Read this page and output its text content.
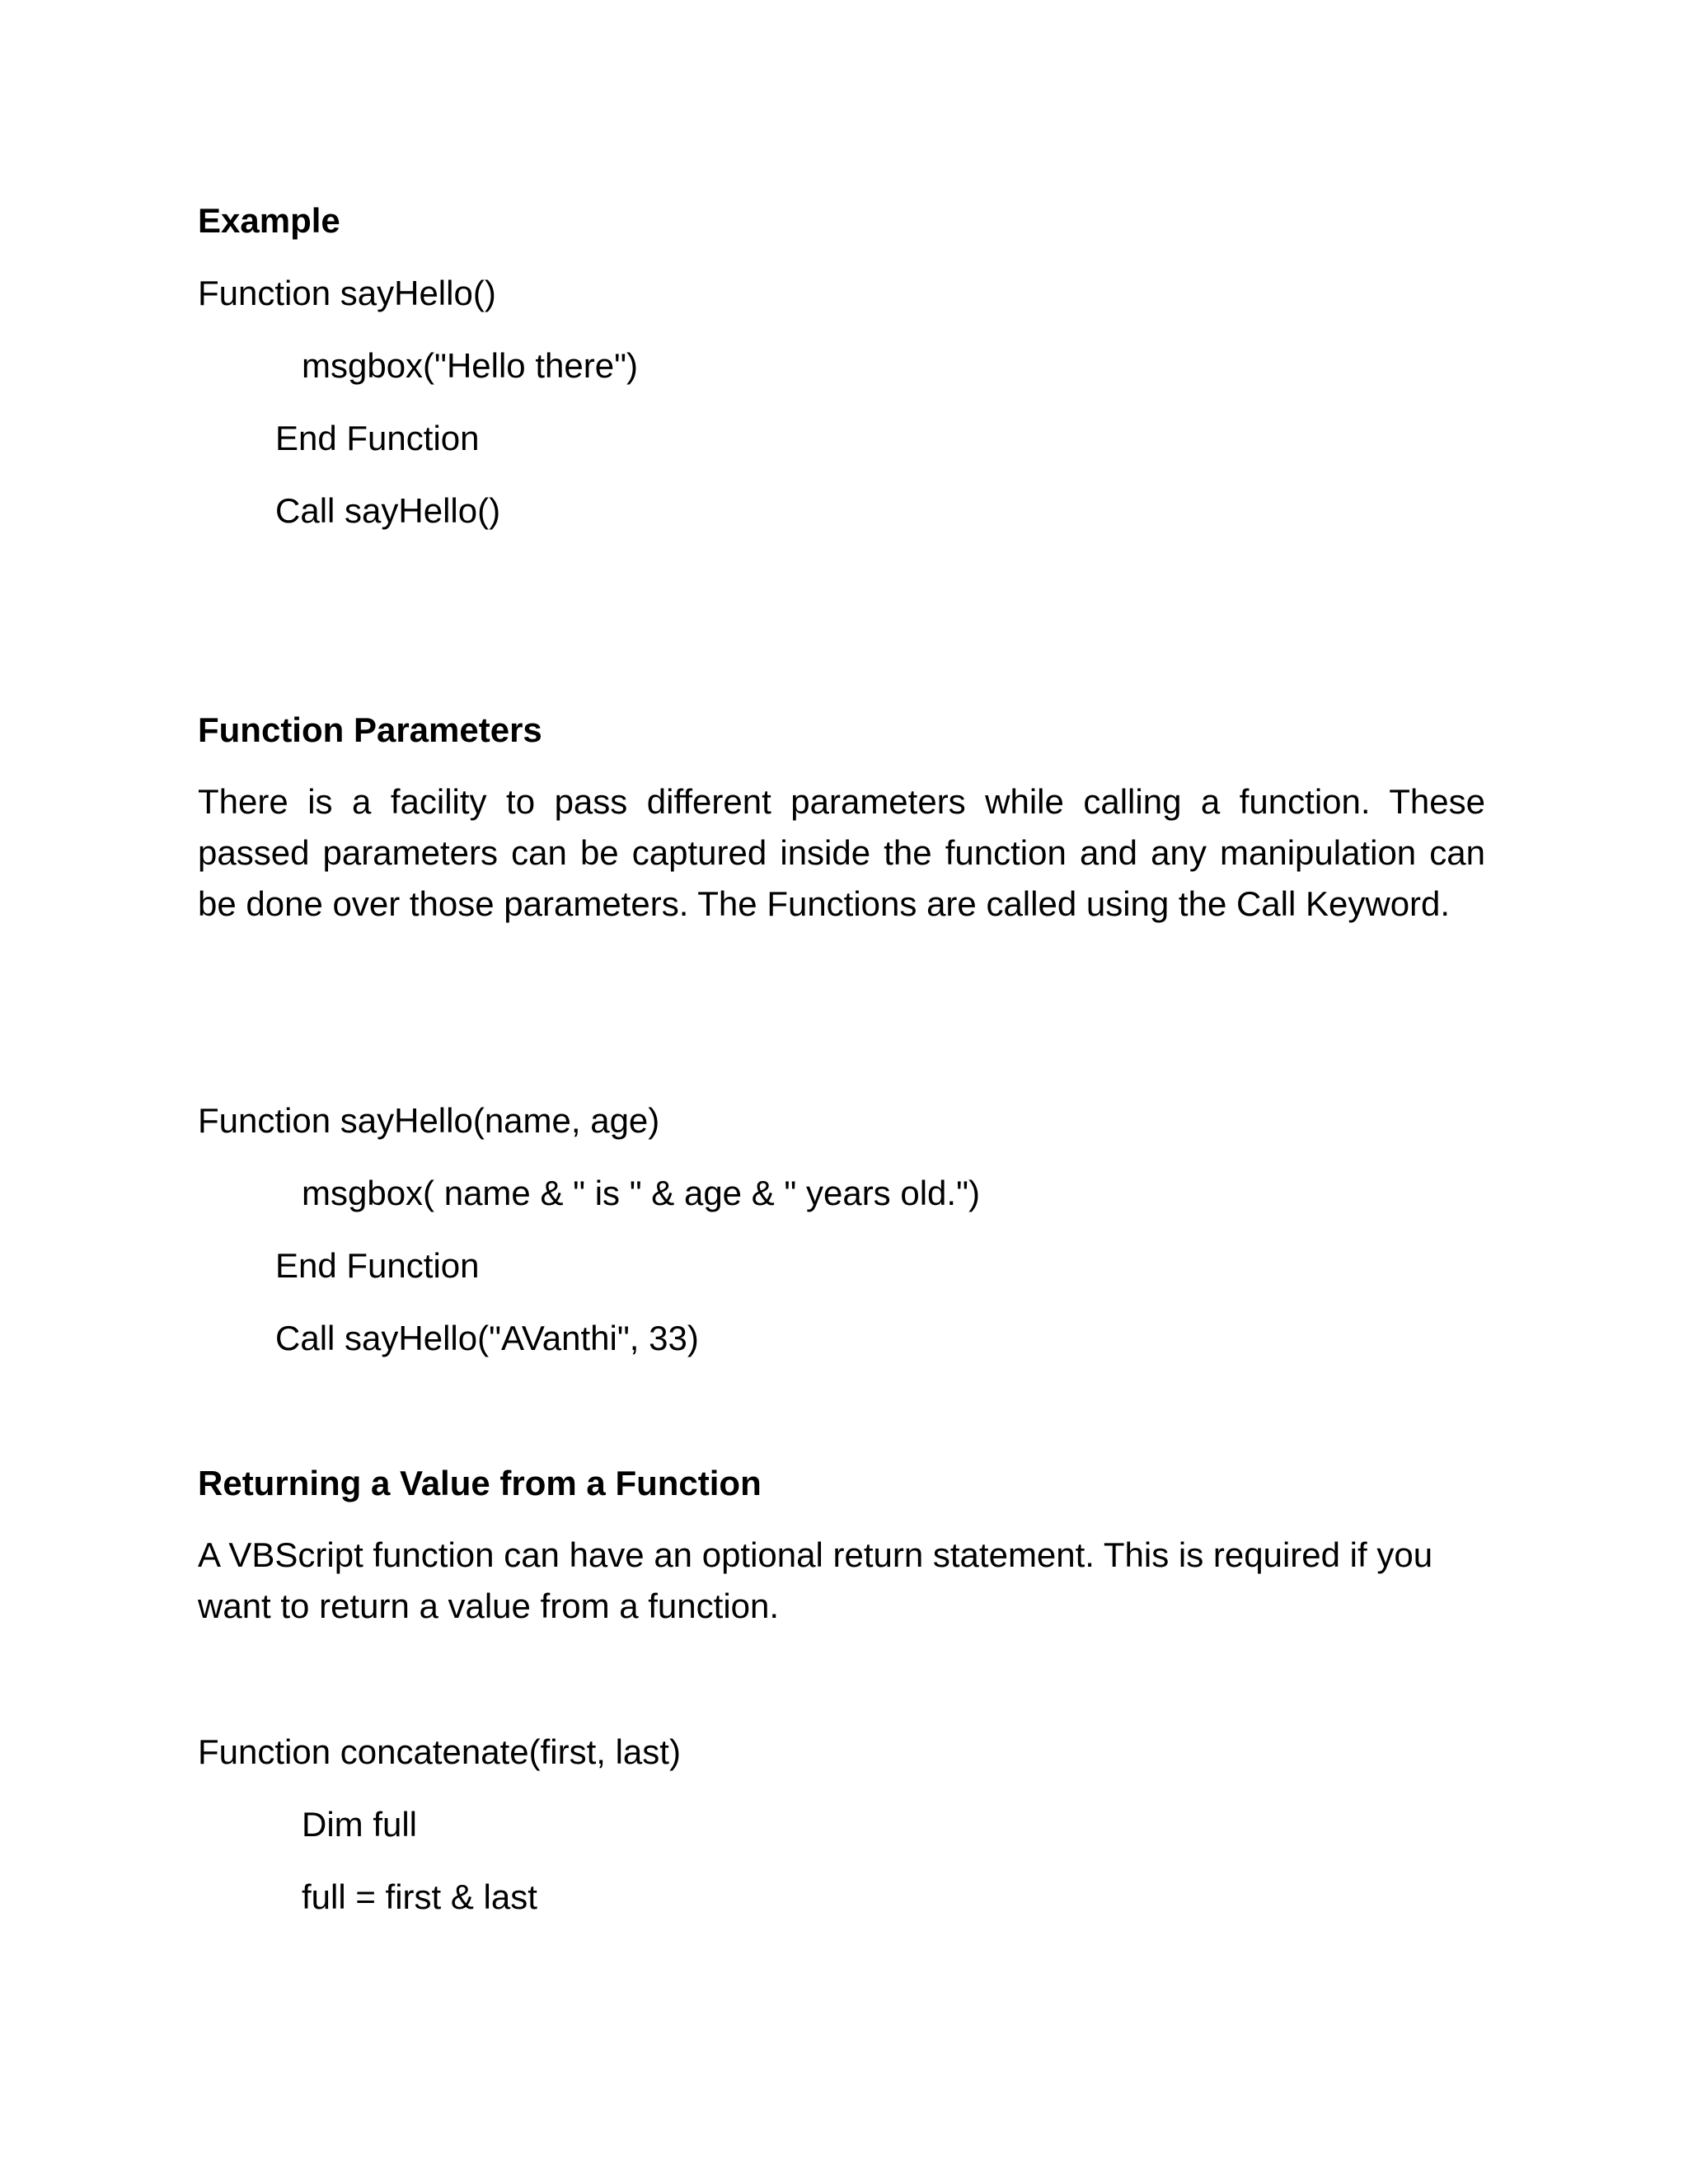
Example

Function sayHello()

msgbox("Hello there")

End Function

Call sayHello()

Function Parameters

There is a facility to pass different parameters while calling a function. These
passed parameters can be captured inside the function and any manipulation can
be done over those parameters. The Functions are called using the Call Keyword.

Function sayHello(name, age)

msgbox( name & " is " & age & " years old.")

End Function

Call sayHello("AVanthi", 33)

Returning a Value from a Function

A VBScript function can have an optional return statement. This is required if you
want to return a value from a function.

Function concatenate(first, last)

Dim full

full = first & last
